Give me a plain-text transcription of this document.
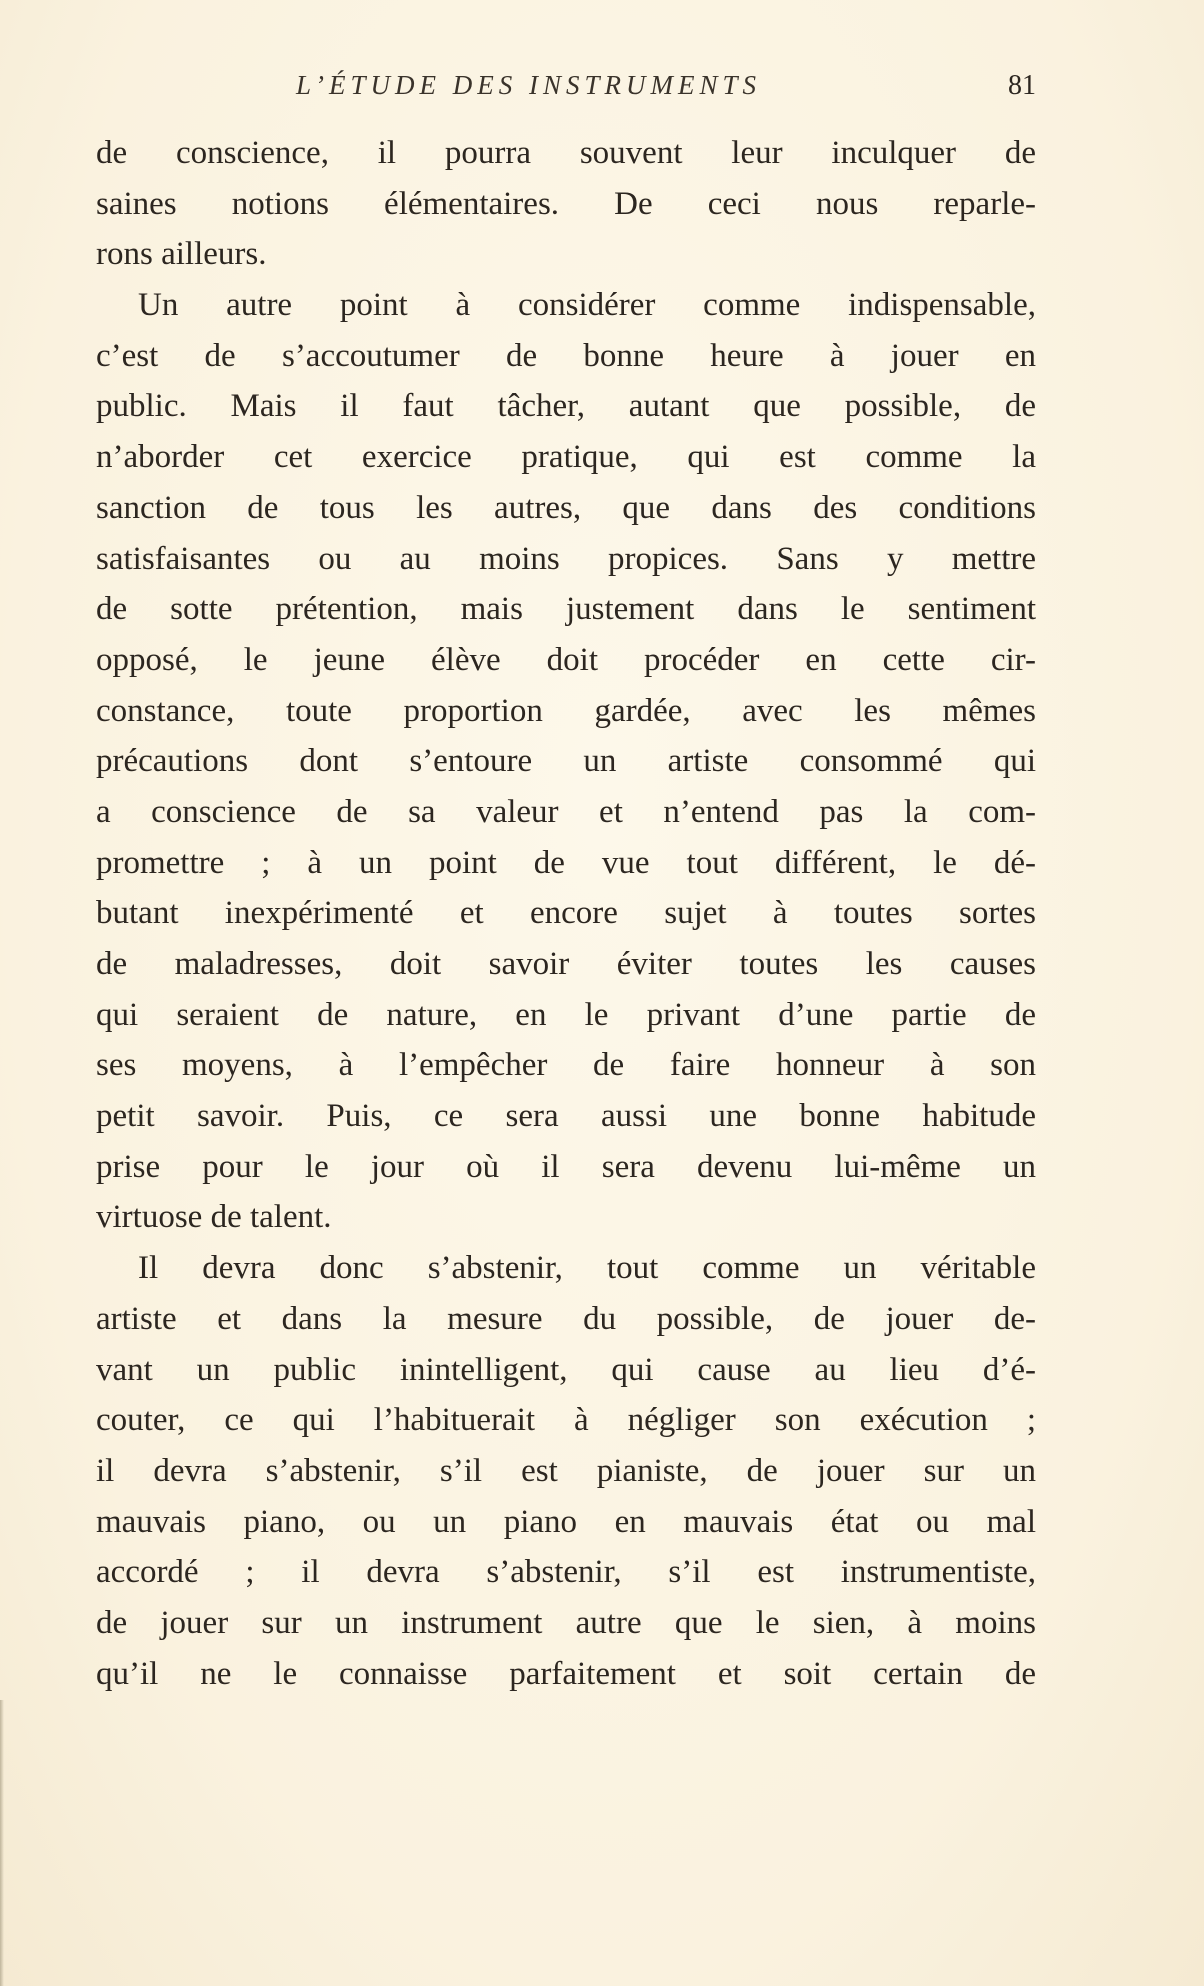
L’ÉTUDE DES INSTRUMENTS	81
de conscience, il pourra souvent leur inculquer de
saines notions élémentaires. De ceci nous reparle-
rons ailleurs.
Un autre point à considérer comme indispensable,
c’est de s’accoutumer de bonne heure à jouer en
public. Mais il faut tâcher, autant que possible, de
n’aborder cet exercice pratique, qui est comme la
sanction de tous les autres, que dans des conditions
satisfaisantes ou au moins propices. Sans y mettre
de sotte prétention, mais justement dans le sentiment
opposé, le jeune élève doit procéder en cette cir-
constance, toute proportion gardée, avec les mêmes
précautions dont s’entoure un artiste consommé qui
a conscience de sa valeur et n’entend pas la com-
promettre ; à un point de vue tout différent, le dé-
butant inexpérimenté et encore sujet à toutes sortes
de maladresses, doit savoir éviter toutes les causes
qui seraient de nature, en le privant d’une partie de
ses moyens, à l’empêcher de faire honneur à son
petit savoir. Puis, ce sera aussi une bonne habitude
prise pour le jour où il sera devenu lui-même un
virtuose de talent.
Il devra donc s’abstenir, tout comme un véritable
artiste et dans la mesure du possible, de jouer de-
vant un public inintelligent, qui cause au lieu d’é-
couter, ce qui l’habituerait à négliger son exécution ;
il devra s’abstenir, s’il est pianiste, de jouer sur un
mauvais piano, ou un piano en mauvais état ou mal
accordé ; il devra s’abstenir, s’il est instrumentiste,
de jouer sur un instrument autre que le sien, à moins
qu’il ne le connaisse parfaitement et soit certain de
